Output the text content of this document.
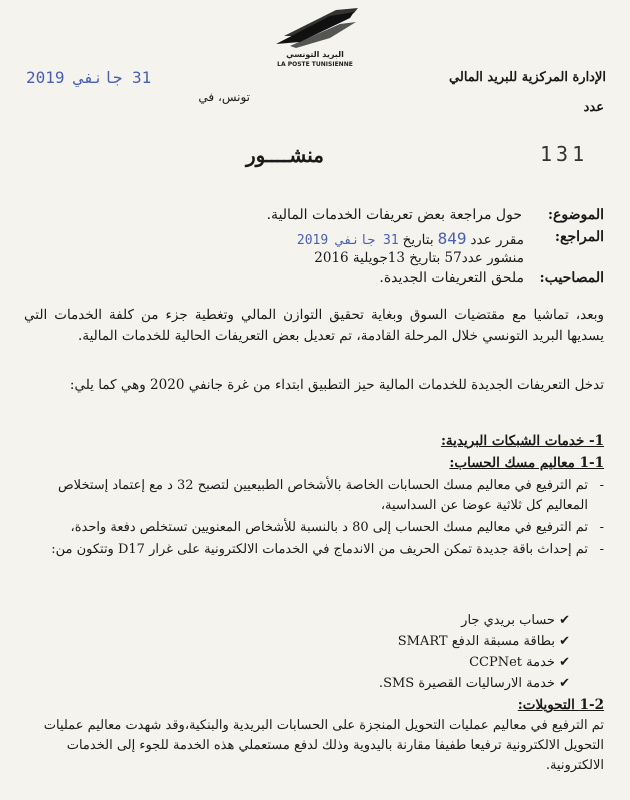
البريد التونسي
LA POSTE TUNISIENNE
الإدارة المركزية للبريد المالي
31 جانفي 2019
تونس، في
عدد
منشــــور	131
الموضوع:
حول مراجعة بعض تعريفات الخدمات المالية.
المراجع:
مقرر عدد
849
بتاريخ
31 جانفي 2019
منشور عدد57 بتاريخ 13جويلية 2016
المصاحيب:
ملحق التعريفات الجديدة.
وبعد، تماشيا مع مقتضيات السوق وبغاية تحقيق التوازن المالي وتغطية جزء من كلفة الخدمات التي يسديها البريد التونسي خلال المرحلة القادمة، تم تعديل بعض التعريفات الحالية للخدمات المالية.
تدخل التعريفات الجديدة للخدمات المالية حيز التطبيق ابتداء من غرة جانفي 2020 وهي كما يلي:
1- خدمات الشبكات البريدية:
1-1 معاليم مسك الحساب:
-
تم الترفيع في معاليم مسك الحسابات الخاصة بالأشخاص الطبيعيين لتصبح 32 د مع إعتماد إستخلاص المعاليم كل ثلاثية عوضا عن السداسية،
-
تم الترفيع في معاليم مسك الحساب إلى 80 د بالنسبة للأشخاص المعنويين تستخلص دفعة واحدة،
-
تم إحداث باقة جديدة تمكن الحريف من الاندماج في الخدمات الالكترونية على غرار D17 وتتكون من:
✔ حساب بريدي جار
✔ بطاقة مسبقة الدفع SMART
✔ خدمة CCPNet
✔ خدمة الارساليات القصيرة SMS.
1-2 التحويلات:
تم الترفيع في معاليم عمليات التحويل المنجزة على الحسابات البريدية والبنكية،وقد شهدت معاليم عمليات التحويل الالكترونية ترفيعا طفيفا مقارنة باليدوية وذلك لدفع مستعملي هذه الخدمة للجوء إلى الخدمات الالكترونية.
